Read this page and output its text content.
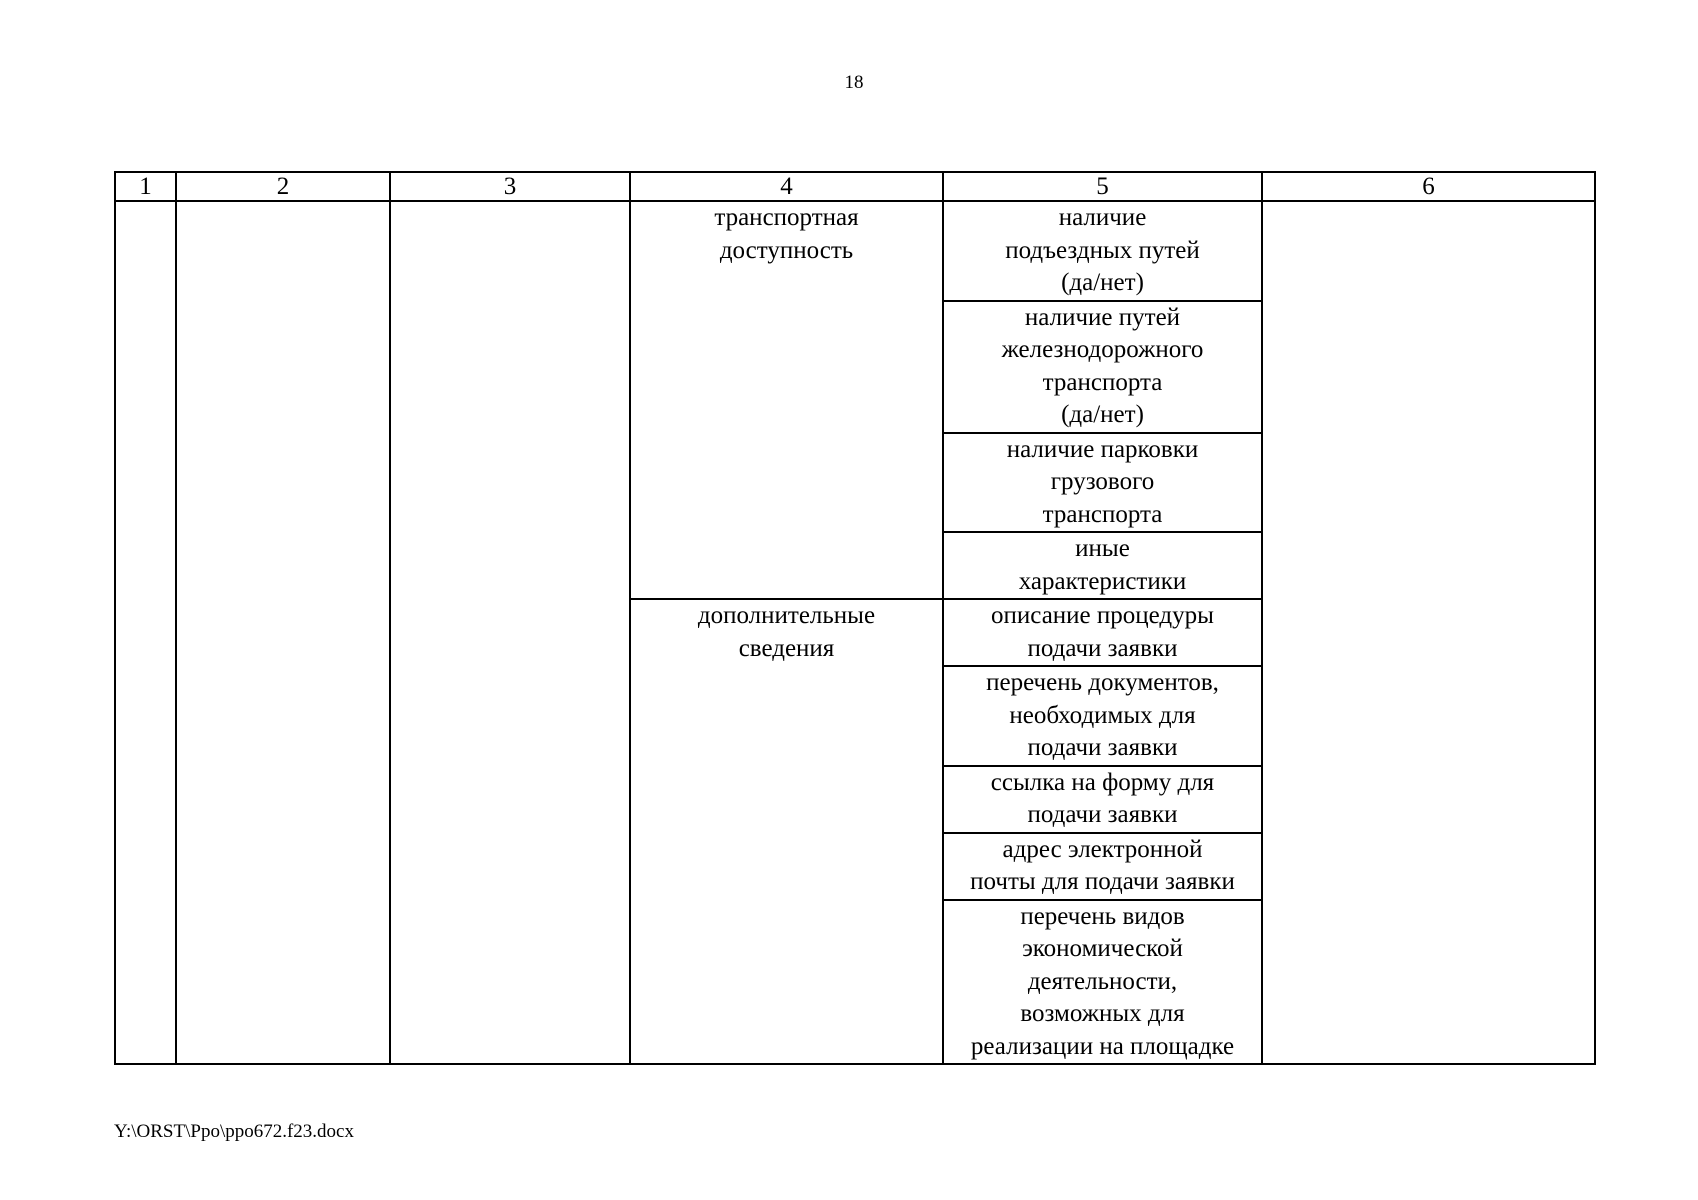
18
1	2	3	4	5	6

			транспортная
доступность	наличие
подъездных путей
(да/нет)	

				наличие путей
железнодорожного
транспорта
(да/нет)	

				наличие парковки
грузового
транспорта	

				иные
характеристики	

			дополнительные
сведения	описание процедуры
подачи заявки	

				перечень документов,
необходимых для
подачи заявки	

				ссылка на форму для
подачи заявки	

				адрес электронной
почты для подачи заявки	

				перечень видов
экономической
деятельности,
возможных для
реализации на площадке	
Y:\ORST\Ppo\ppo672.f23.docx
